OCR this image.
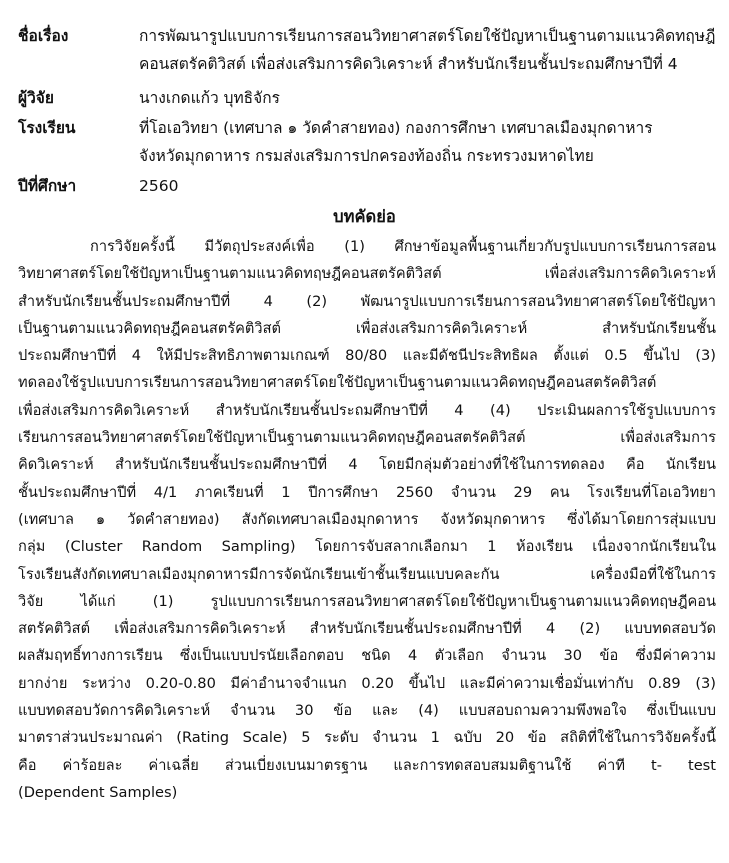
ชื่อเรื่อง	การพัฒนารูปแบบการเรียนการสอนวิทยาศาสตร์โดยใช้ปัญหาเป็นฐานตามแนวคิดทฤษฎี
คอนสตรัคติวิสต์ เพื่อส่งเสริมการคิดวิเคราะห์ สำหรับนักเรียนชั้นประถมศึกษาปีที่ 4
ผู้วิจัย	นางเกดแก้ว บุทธิจักร
โรงเรียน	ที่โอเอวิทยา (เทศบาล ๑ วัดคำสายทอง) กองการศึกษา เทศบาลเมืองมุกดาหาร
จังหวัดมุกดาหาร กรมส่งเสริมการปกครองท้องถิ่น กระทรวงมหาดไทย
ปีที่ศึกษา	2560
บทคัดย่อ
การวิจัยครั้งนี้ มีวัตถุประสงค์เพื่อ (1) ศึกษาข้อมูลพื้นฐานเกี่ยวกับรูปแบบการเรียนการสอน
วิทยาศาสตร์โดยใช้ปัญหาเป็นฐานตามแนวคิดทฤษฎีคอนสตรัคติวิสต์ เพื่อส่งเสริมการคิดวิเคราะห์
สำหรับนักเรียนชั้นประถมศึกษาปีที่ 4 (2) พัฒนารูปแบบการเรียนการสอนวิทยาศาสตร์โดยใช้ปัญหา
เป็นฐานตามแนวคิดทฤษฎีคอนสตรัคติวิสต์ เพื่อส่งเสริมการคิดวิเคราะห์ สำหรับนักเรียนชั้น
ประถมศึกษาปีที่ 4 ให้มีประสิทธิภาพตามเกณฑ์ 80/80 และมีดัชนีประสิทธิผล ตั้งแต่ 0.5 ขึ้นไป (3)
ทดลองใช้รูปแบบการเรียนการสอนวิทยาศาสตร์โดยใช้ปัญหาเป็นฐานตามแนวคิดทฤษฎีคอนสตรัคติวิสต์
เพื่อส่งเสริมการคิดวิเคราะห์ สำหรับนักเรียนชั้นประถมศึกษาปีที่ 4 (4) ประเมินผลการใช้รูปแบบการ
เรียนการสอนวิทยาศาสตร์โดยใช้ปัญหาเป็นฐานตามแนวคิดทฤษฎีคอนสตรัคติวิสต์ เพื่อส่งเสริมการ
คิดวิเคราะห์ สำหรับนักเรียนชั้นประถมศึกษาปีที่ 4 โดยมีกลุ่มตัวอย่างที่ใช้ในการทดลอง คือ นักเรียน
ชั้นประถมศึกษาปีที่ 4/1 ภาคเรียนที่ 1 ปีการศึกษา 2560 จำนวน 29 คน โรงเรียนที่โอเอวิทยา
(เทศบาล ๑ วัดคำสายทอง) สังกัดเทศบาลเมืองมุกดาหาร จังหวัดมุกดาหาร ซึ่งได้มาโดยการสุ่มแบบ
กลุ่ม (Cluster Random Sampling) โดยการจับสลากเลือกมา 1 ห้องเรียน เนื่องจากนักเรียนใน
โรงเรียนสังกัดเทศบาลเมืองมุกดาหารมีการจัดนักเรียนเข้าชั้นเรียนแบบคละกัน เครื่องมือที่ใช้ในการ
วิจัย ได้แก่ (1) รูปแบบการเรียนการสอนวิทยาศาสตร์โดยใช้ปัญหาเป็นฐานตามแนวคิดทฤษฎีคอน
สตรัคติวิสต์ เพื่อส่งเสริมการคิดวิเคราะห์ สำหรับนักเรียนชั้นประถมศึกษาปีที่ 4 (2) แบบทดสอบวัด
ผลสัมฤทธิ์ทางการเรียน ซึ่งเป็นแบบปรนัยเลือกตอบ ชนิด 4 ตัวเลือก จำนวน 30 ข้อ ซึ่งมีค่าความ
ยากง่าย ระหว่าง 0.20-0.80 มีค่าอำนาจจำแนก 0.20 ขึ้นไป และมีค่าความเชื่อมั่นเท่ากับ 0.89 (3)
แบบทดสอบวัดการคิดวิเคราะห์ จำนวน 30 ข้อ และ (4) แบบสอบถามความพึงพอใจ ซึ่งเป็นแบบ
มาตราส่วนประมาณค่า (Rating Scale) 5 ระดับ จำนวน 1 ฉบับ 20 ข้อ สถิติที่ใช้ในการวิจัยครั้งนี้
คือ ค่าร้อยละ ค่าเฉลี่ย ส่วนเบี่ยงเบนมาตรฐาน และการทดสอบสมมติฐานใช้ ค่าที t- test
(Dependent Samples)
